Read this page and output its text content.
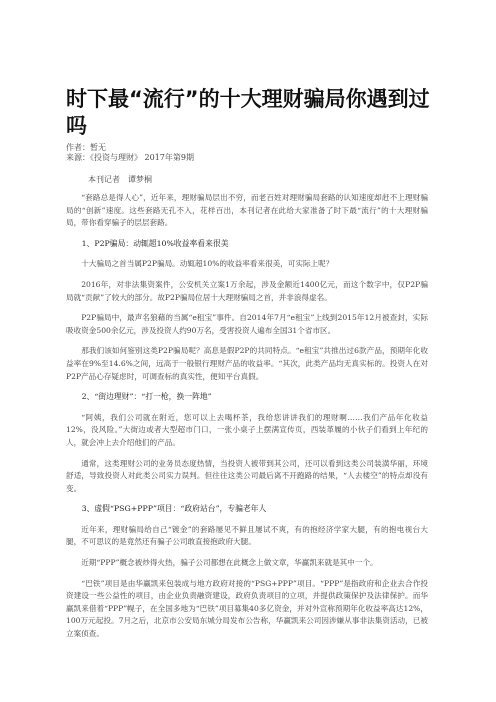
时下最“流行”的十大理财骗局你遇到过吗
作者：暂无
来源：《投资与理财》 2017年第9期
本刊记者　谭梦桐

“套路总是得人心”，近年来，理财骗局层出不穷，而老百姓对理财骗局套路的认知速度却赶不上理财骗局的“创新”速度。这些套路无孔不入，花样百出，本刊记者在此给大家准备了时下最“流行”的十大理财骗局，带你看穿骗子的层层套路。

1、P2P骗局：动辄超10%收益率看来很美

十大骗局之首当属P2P骗局。动辄超10%的收益率看来很美，可实际上呢？

2016年，对非法集资案件，公安机关立案1万余起，涉及金额近1400亿元，而这个数字中，仅P2P骗局就“贡献”了较大的部分。故P2P骗局位居十大理财骗局之首，并非浪得虚名。

P2P骗局中，最声名狼藉的当属“e租宝”事件。自2014年7月“e租宝”上线到2015年12月被查封，实际吸收资金500余亿元，涉及投资人约90万名，受害投资人遍布全国31个省市区。

那我们该如何鉴别这类P2P骗局呢？高息是假P2P的共同特点。“e租宝”共推出过6款产品，预期年化收益率在9%至14.6%之间，远高于一般银行理财产品的收益率。“其次，此类产品均无真实标的。投资人在对P2P产品心存疑虑时，可调查标的真实性，便知平台真假。

2、“街边理财”：“打一枪，换一阵地”

“阿姨，我们公司就在附近，您可以上去喝杯茶，我给您讲讲我们的理财啊……我们产品年化收益12%，没风险。”大街边或者大型超市门口，一张小桌子上摆满宣传页，西装革履的小伙子们看到上年纪的人，就会冲上去介绍他们的产品。

通常，这类理财公司的业务员态度热情，当投资人被带到其公司，还可以看到这类公司装潢华丽，环境舒适，导致投资人对此类公司实力误判。但往往这类公司最后离不开跑路的结果，“人去楼空”的特点却没有变。

3、虚假“PSG+PPP”项目：“政府站台”，专骗老年人

近年来，理财骗局给自己“镀金”的套路屡见不鲜且屡试不爽，有的抱经济学家大腿，有的抱电视台大腿，不可思议的是竟然还有骗子公司敢直接抱政府大腿。

近期“PPP”概念被炒得火热，骗子公司都想在此概念上做文章，华赢凯来就是其中一个。

“巴铁”项目是由华赢凯来包装成与地方政府对接的“PSG+PPP”项目。“PPP”是指政府和企业去合作投资建设一些公益性的项目，由企业负责融资建设，政府负责项目的立项，并提供政策保护及法律保护。而华赢凯来借着“PPP”幌子，在全国多地为“巴铁”项目募集40多亿资金，并对外宣称预期年化收益率高达12%，100万元起投。7月之后，北京市公安局东城分局发布公告称，华赢凯来公司因涉嫌从事非法集资活动，已被立案侦查。
